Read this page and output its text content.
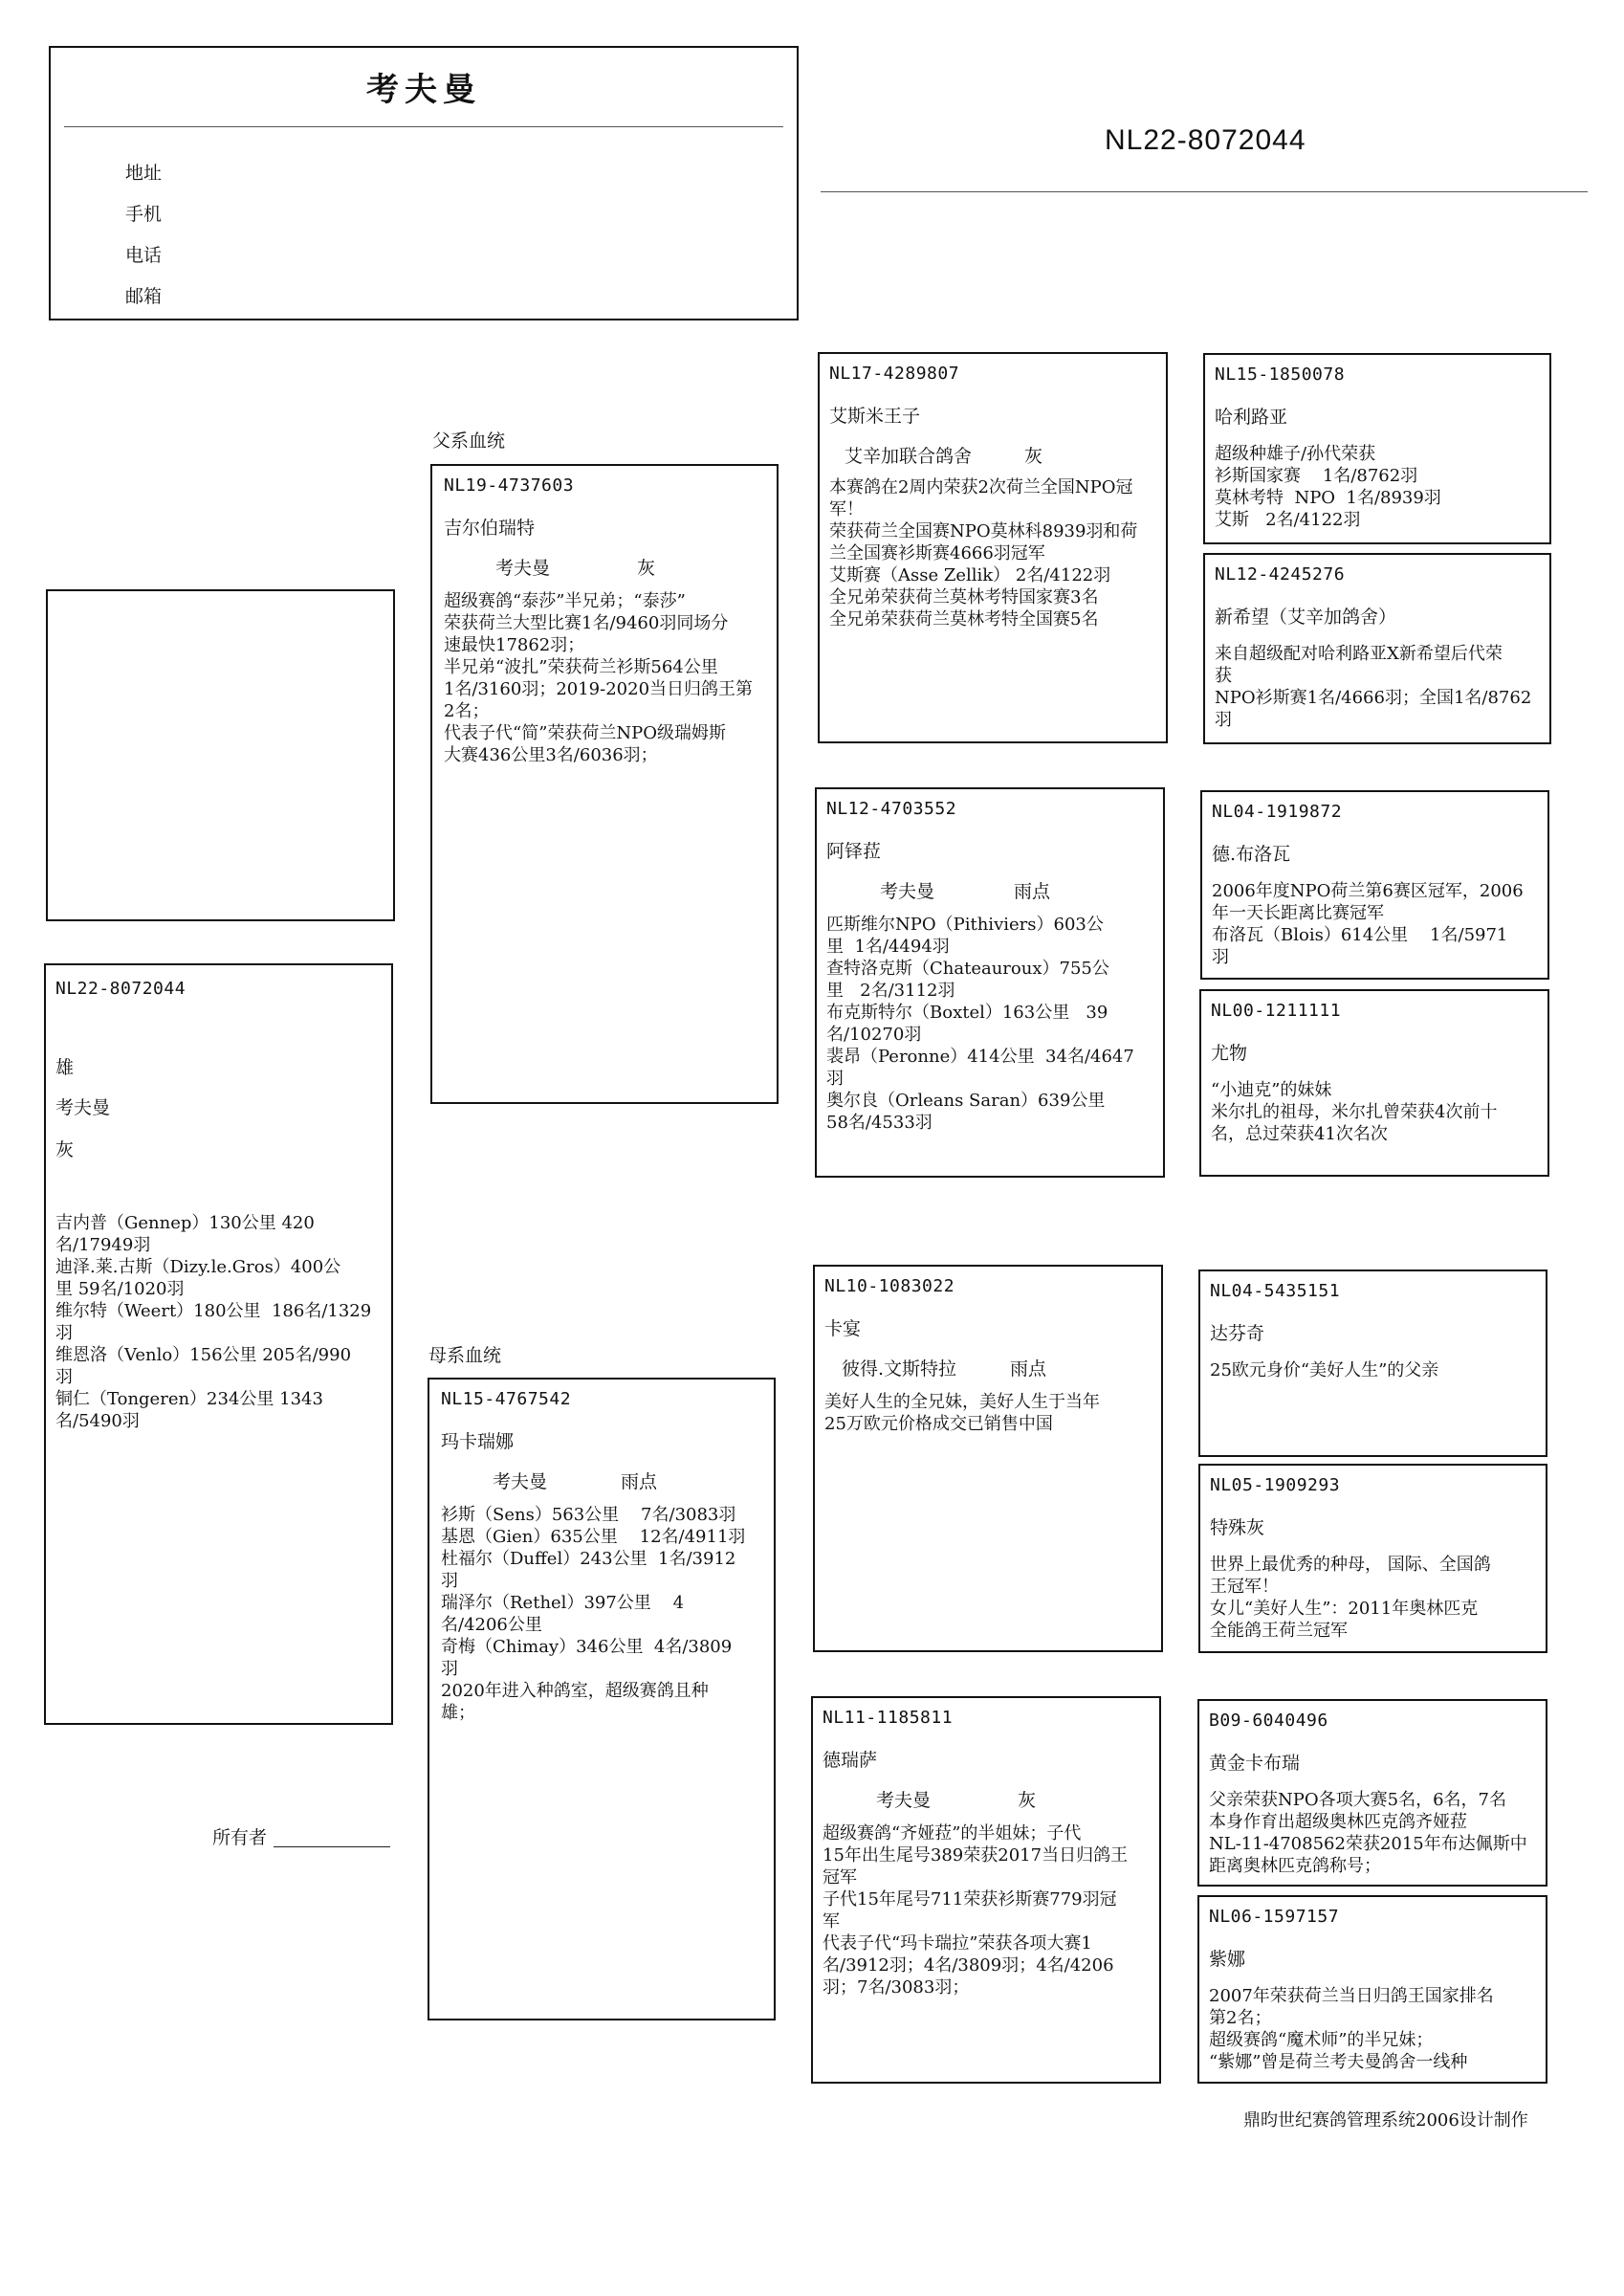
考夫曼
地址
手机
电话
邮箱
NL22-8072044
NL22-8072044
雄
考夫曼
灰
吉内普（Gennep）130公里 420
名/17949羽
迪泽.莱.古斯（Dizy.le.Gros）400公
里 59名/1020羽
维尔特（Weert）180公里  186名/1329
羽
维恩洛（Venlo）156公里 205名/990
羽
铜仁（Tongeren）234公里 1343
名/5490羽
所有者
父系血统
母系血统
NL19-4737603
吉尔伯瑞特
考夫曼	灰
超级赛鸽“泰莎”半兄弟；“泰莎”
荣获荷兰大型比赛1名/9460羽同场分
速最快17862羽；
半兄弟“波扎”荣获荷兰衫斯564公里
1名/3160羽；2019-2020当日归鸽王第
2名；
代表子代“简”荣获荷兰NPO级瑞姆斯
大赛436公里3名/6036羽；
NL15-4767542
玛卡瑞娜
考夫曼	雨点
衫斯（Sens）563公里    7名/3083羽
基恩（Gien）635公里    12名/4911羽
杜福尔（Duffel）243公里  1名/3912
羽
瑞泽尔（Rethel）397公里    4
名/4206公里
奇梅（Chimay）346公里  4名/3809
羽
2020年进入种鸽室，超级赛鸽且种
雄；
NL17-4289807
艾斯米王子
艾辛加联合鸽舍	灰
本赛鸽在2周内荣获2次荷兰全国NPO冠
军！
荣获荷兰全国赛NPO莫林科8939羽和荷
兰全国赛衫斯赛4666羽冠军
艾斯赛（Asse Zellik） 2名/4122羽
全兄弟荣获荷兰莫林考特国家赛3名
全兄弟荣获荷兰莫林考特全国赛5名
NL12-4703552
阿铎菈
考夫曼	雨点
匹斯维尔NPO（Pithiviers）603公
里  1名/4494羽
查特洛克斯（Chateauroux）755公
里   2名/3112羽
布克斯特尔（Boxtel）163公里   39
名/10270羽
裴昂（Peronne）414公里  34名/4647
羽
奥尔良（Orleans Saran）639公里
58名/4533羽
NL10-1083022
卡宴
彼得.文斯特拉	雨点
美好人生的全兄妹，美好人生于当年
25万欧元价格成交已销售中国
NL11-1185811
德瑞萨
考夫曼	灰
超级赛鸽“齐娅菈”的半姐妹；子代
15年出生尾号389荣获2017当日归鸽王
冠军
子代15年尾号711荣获衫斯赛779羽冠
军
代表子代“玛卡瑞拉”荣获各项大赛1
名/3912羽；4名/3809羽；4名/4206
羽；7名/3083羽；
NL15-1850078
哈利路亚
超级种雄子/孙代荣获
衫斯国家赛    1名/8762羽
莫林考特  NPO  1名/8939羽
艾斯   2名/4122羽
NL12-4245276
新希望（艾辛加鸽舍）
来自超级配对哈利路亚X新希望后代荣
获
NPO衫斯赛1名/4666羽；全国1名/8762
羽
NL04-1919872
德.布洛瓦
2006年度NPO荷兰第6赛区冠军，2006
年一天长距离比赛冠军
布洛瓦（Blois）614公里    1名/5971
羽
NL00-1211111
尤物
“小迪克”的妹妹
米尔扎的祖母，米尔扎曾荣获4次前十
名，总过荣获41次名次
NL04-5435151
达芬奇
25欧元身价“美好人生”的父亲
NL05-1909293
特殊灰
世界上最优秀的种母， 国际、全国鸽
王冠军！
女儿“美好人生”：2011年奥林匹克
全能鸽王荷兰冠军
B09-6040496
黄金卡布瑞
父亲荣获NPO各项大赛5名，6名，7名
本身作育出超级奥林匹克鸽齐娅菈
NL-11-4708562荣获2015年布达佩斯中
距离奥林匹克鸽称号；
NL06-1597157
紫娜
2007年荣获荷兰当日归鸽王国家排名
第2名；
超级赛鸽“魔术师”的半兄妹；
“紫娜”曾是荷兰考夫曼鸽舍一线种
鼎昀世纪赛鸽管理系统2006设计制作
